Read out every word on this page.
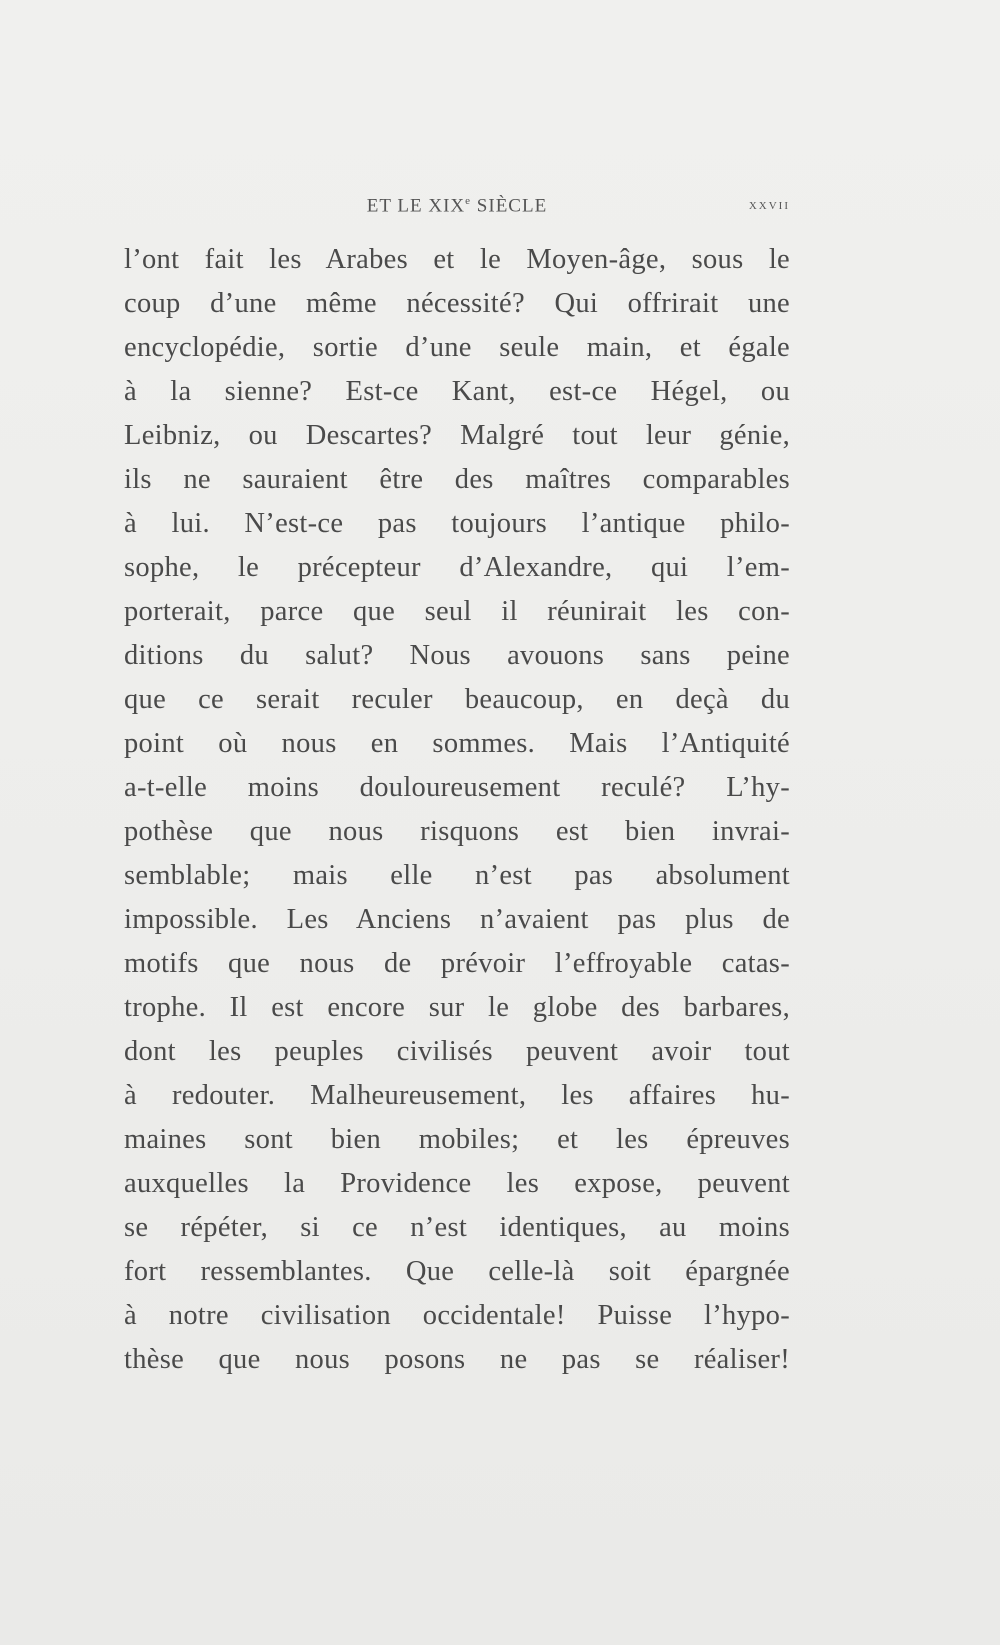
ET LE XIXe SIÈCLE	xxvii
l’ont fait les Arabes et le Moyen-âge, sous le
coup d’une même nécessité? Qui offrirait une
encyclopédie, sortie d’une seule main, et égale
à la sienne? Est-ce Kant, est-ce Hégel, ou
Leibniz, ou Descartes? Malgré tout leur génie,
ils ne sauraient être des maîtres comparables
à lui. N’est-ce pas toujours l’antique philo-
sophe, le précepteur d’Alexandre, qui l’em-
porterait, parce que seul il réunirait les con-
ditions du salut? Nous avouons sans peine
que ce serait reculer beaucoup, en deçà du
point où nous en sommes. Mais l’Antiquité
a-t-elle moins douloureusement reculé? L’hy-
pothèse que nous risquons est bien invrai-
semblable; mais elle n’est pas absolument
impossible. Les Anciens n’avaient pas plus de
motifs que nous de prévoir l’effroyable catas-
trophe. Il est encore sur le globe des barbares,
dont les peuples civilisés peuvent avoir tout
à redouter. Malheureusement, les affaires hu-
maines sont bien mobiles; et les épreuves
auxquelles la Providence les expose, peuvent
se répéter, si ce n’est identiques, au moins
fort ressemblantes. Que celle-là soit épargnée
à notre civilisation occidentale! Puisse l’hypo-
thèse que nous posons ne pas se réaliser!
